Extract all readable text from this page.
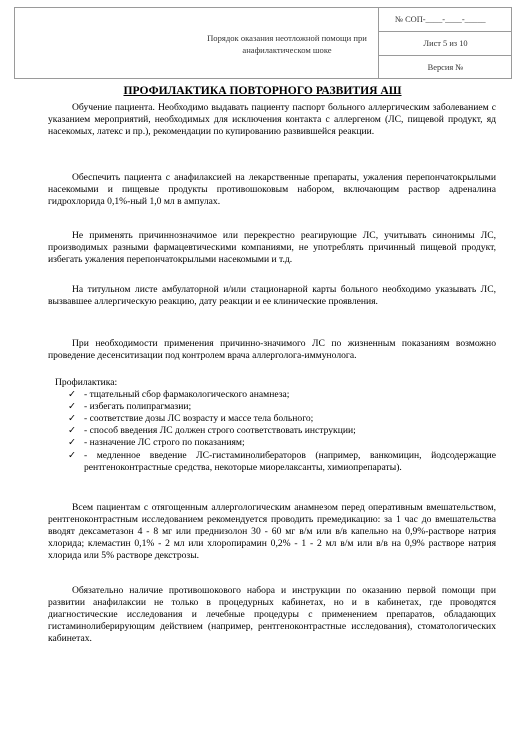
Порядок оказания неотложной помощи при анафилактическом шоке
№ СОП-____-____-_____
Лист 5 из 10
Версия №
ПРОФИЛАКТИКА ПОВТОРНОГО РАЗВИТИЯ АШ
Обучение пациента. Необходимо выдавать пациенту паспорт больного аллергическим заболеванием с указанием мероприятий, необходимых для исключения контакта с аллергеном (ЛС, пищевой продукт, яд насекомых, латекс и пр.), рекомендации по купированию развившейся реакции.
Обеспечить пациента с анафилаксией на лекарственные препараты, ужаления перепончатокрылыми насекомыми и пищевые продукты противошоковым набором, включающим раствор адреналина гидрохлорида 0,1%-ный 1,0 мл в ампулах.
Не применять причиннозначимое или перекрестно реагирующие ЛС, учитывать синонимы ЛС, производимых разными фармацевтическими компаниями, не употреблять причинный пищевой продукт, избегать ужаления перепончатокрылыми насекомыми и т.д.
На титульном листе амбулаторной и/или стационарной карты больного необходимо указывать ЛС, вызвавшее аллергическую реакцию, дату реакции и ее клинические проявления.
При необходимости применения причинно-значимого ЛС по жизненным показаниям возможно проведение десенситизации под контролем врача аллерголога-иммунолога.
Профилактика:
✓ - тщательный сбор фармакологического анамнеза;
✓ - избегать полипрагмазии;
✓ - соответствие дозы ЛС возрасту и массе тела больного;
✓ - способ введения ЛС должен строго соответствовать инструкции;
✓ - назначение ЛС строго по показаниям;
✓ - медленное введение ЛС-гистаминолибераторов (например, ванкомицин, йодсодержащие рентгеноконтрастные средства, некоторые миорелаксанты, химиопрепараты).
Всем пациентам с отягощенным аллергологическим анамнезом перед оперативным вмешательством, рентгеноконтрастным исследованием рекомендуется проводить премедикацию: за 1 час до вмешательства вводят дексаметазон 4 - 8 мг или преднизолон 30 - 60 мг в/м или в/в капельно на 0,9%-растворе натрия хлорида; клемастин 0,1% - 2 мл или хлоропирамин 0,2% - 1 - 2 мл в/м или в/в на 0,9% растворе натрия хлорида или 5% растворе декстрозы.
Обязательно наличие противошокового набора и инструкции по оказанию первой помощи при развитии анафилаксии не только в процедурных кабинетах, но и в кабинетах, где проводятся диагностические исследования и лечебные процедуры с применением препаратов, обладающих гистаминолиберирующим действием (например, рентгеноконтрастные исследования), стоматологических кабинетах.
